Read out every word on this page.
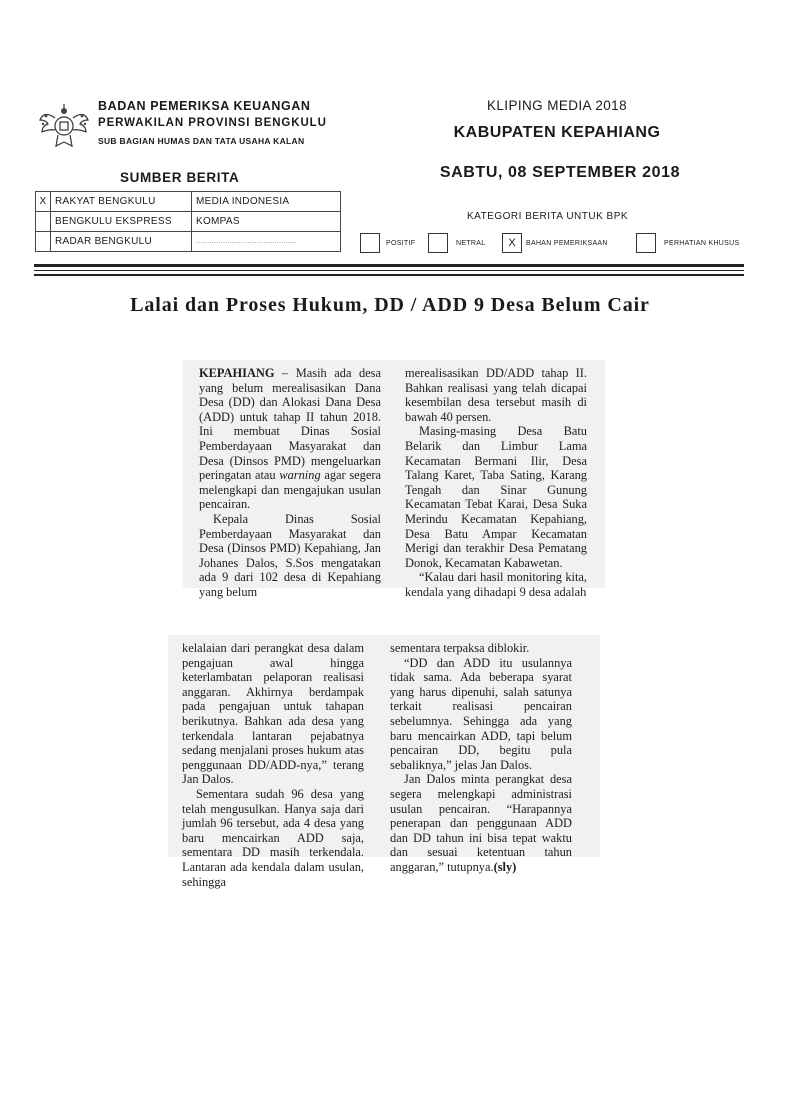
BADAN PEMERIKSA KEUANGAN
PERWAKILAN PROVINSI BENGKULU
SUB BAGIAN HUMAS DAN TATA USAHA KALAN
KLIPING MEDIA 2018
KABUPATEN KEPAHIANG
SUMBER BERITA	SABTU, 08 SEPTEMBER 2018
X	RAKYAT BENGKULU	MEDIA INDONESIA
	BENGKULU EKSPRESS	KOMPAS
	RADAR BENGKULU	.............................................
KATEGORI BERITA UNTUK BPK
POSITIF	NETRAL	X	BAHAN PEMERIKSAAN	PERHATIAN KHUSUS
Lalai dan Proses Hukum, DD / ADD 9 Desa Belum Cair

KEPAHIANG – Masih ada desa yang belum merealisasikan Dana Desa (DD) dan Alokasi Dana Desa (ADD) untuk tahap II tahun 2018. Ini membuat Dinas Sosial Pemberdayaan Masyarakat dan Desa (Dinsos PMD) mengeluarkan peringatan atau warning agar segera melengkapi dan mengajukan usulan pencairan.

Kepala Dinas Sosial Pemberdayaan Masyarakat dan Desa (Dinsos PMD) Kepahiang, Jan Johanes Dalos, S.Sos mengatakan ada 9 dari 102 desa di Kepahiang yang belum

merealisasikan DD/ADD tahap II. Bahkan realisasi yang telah dicapai kesembilan desa tersebut masih di bawah 40 persen.

Masing-masing Desa Batu Belarik dan Limbur Lama Kecamatan Bermani Ilir, Desa Talang Karet, Taba Sating, Karang Tengah dan Sinar Gunung Kecamatan Tebat Karai, Desa Suka Merindu Kecamatan Kepahiang, Desa Batu Ampar Kecamatan Merigi dan terakhir Desa Pematang Donok, Kecamatan Kabawetan.

“Kalau dari hasil monitoring kita, kendala yang dihadapi 9 desa adalah

kelalaian dari perangkat desa dalam pengajuan awal hingga keterlambatan pelaporan realisasi anggaran. Akhirnya berdampak pada pengajuan untuk tahapan berikutnya. Bahkan ada desa yang terkendala lantaran pejabatnya sedang menjalani proses hukum atas penggunaan DD/ADD-nya,” terang Jan Dalos.

Sementara sudah 96 desa yang telah mengusulkan. Hanya saja dari jumlah 96 tersebut, ada 4 desa yang baru mencairkan ADD saja, sementara DD masih terkendala. Lantaran ada kendala dalam usulan, sehingga

sementara terpaksa diblokir.

“DD dan ADD itu usulannya tidak sama. Ada beberapa syarat yang harus dipenuhi, salah satunya terkait realisasi pencairan sebelumnya. Sehingga ada yang baru mencairkan ADD, tapi belum pencairan DD, begitu pula sebaliknya,” jelas Jan Dalos.

Jan Dalos minta perangkat desa segera melengkapi administrasi usulan pencairan. “Harapannya penerapan dan penggunaan ADD dan DD tahun ini bisa tepat waktu dan sesuai ketentuan tahun anggaran,” tutupnya.(sly)
